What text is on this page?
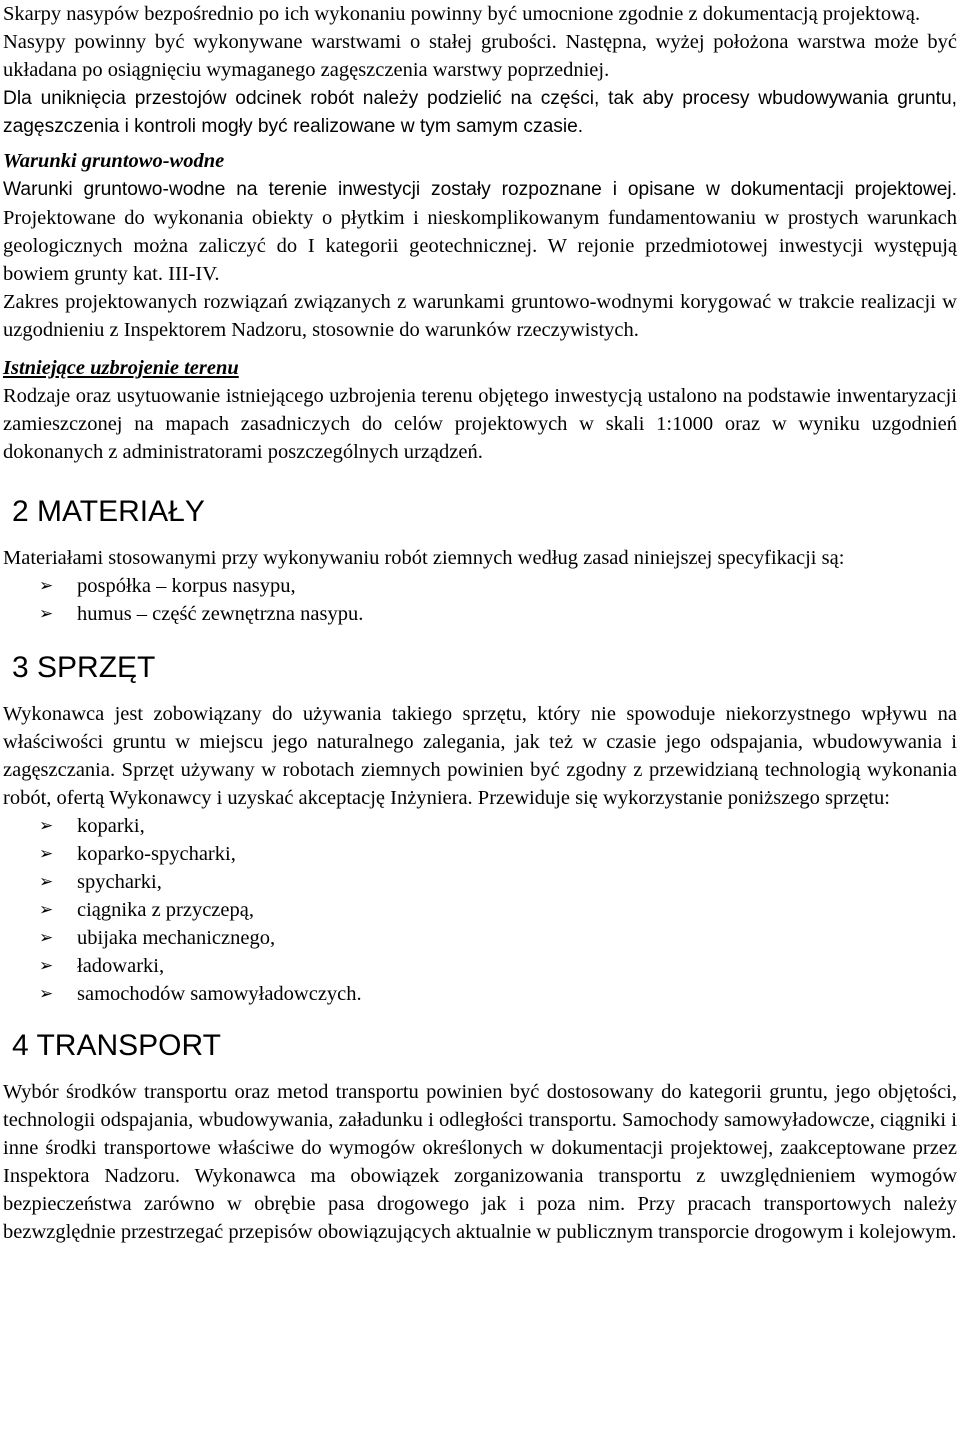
Skarpy nasypów bezpośrednio po ich wykonaniu powinny być umocnione zgodnie z dokumentacją projektową.

Nasypy powinny być wykonywane warstwami o stałej grubości. Następna, wyżej położona warstwa może być układana po osiągnięciu wymaganego zagęszczenia warstwy poprzedniej.

Dla uniknięcia przestojów odcinek robót należy podzielić na części, tak aby procesy wbudowywania gruntu, zagęszczenia i kontroli mogły być realizowane w tym samym czasie.

Warunki gruntowo-wodne

Warunki gruntowo-wodne na terenie inwestycji zostały rozpoznane i opisane w dokumentacji projektowej. Projektowane do wykonania obiekty o płytkim i nieskomplikowanym fundamentowaniu w prostych warunkach geologicznych można zaliczyć do I kategorii geotechnicznej. W rejonie przedmiotowej inwestycji występują bowiem grunty kat. III-IV.

Zakres projektowanych rozwiązań związanych z warunkami gruntowo-wodnymi korygować w trakcie realizacji w uzgodnieniu z Inspektorem Nadzoru, stosownie do warunków rzeczywistych.

Istniejące uzbrojenie terenu

Rodzaje oraz usytuowanie istniejącego uzbrojenia terenu objętego inwestycją ustalono na podstawie inwentaryzacji zamieszczonej na mapach zasadniczych do celów projektowych w skali 1:1000 oraz w wyniku uzgodnień dokonanych z administratorami poszczególnych urządzeń.

2 MATERIAŁY

Materiałami stosowanymi przy wykonywaniu robót ziemnych według zasad niniejszej specyfikacji są:

➢	pospółka – korpus nasypu,
➢	humus – część zewnętrzna nasypu.
3 SPRZĘT

Wykonawca jest zobowiązany do używania takiego sprzętu, który nie spowoduje niekorzystnego wpływu na właściwości gruntu w miejscu jego naturalnego zalegania, jak też w czasie jego odspajania, wbudowywania i zagęszczania. Sprzęt używany w robotach ziemnych powinien być zgodny z przewidzianą technologią wykonania robót, ofertą Wykonawcy i uzyskać akceptację Inżyniera. Przewiduje się wykorzystanie poniższego sprzętu:

➢	koparki,
➢	koparko-spycharki,
➢	spycharki,
➢	ciągnika z przyczepą,
➢	ubijaka mechanicznego,
➢	ładowarki,
➢	samochodów samowyładowczych.
4 TRANSPORT

Wybór środków transportu oraz metod transportu powinien być dostosowany do kategorii gruntu, jego objętości, technologii odspajania, wbudowywania, załadunku i odległości transportu. Samochody samowyładowcze, ciągniki i inne środki transportowe właściwe do wymogów określonych w dokumentacji projektowej, zaakceptowane przez Inspektora Nadzoru. Wykonawca ma obowiązek zorganizowania transportu z uwzględnieniem wymogów bezpieczeństwa zarówno w obrębie pasa drogowego jak i poza nim. Przy pracach transportowych należy bezwzględnie przestrzegać przepisów obowiązujących aktualnie w publicznym transporcie drogowym i kolejowym.
